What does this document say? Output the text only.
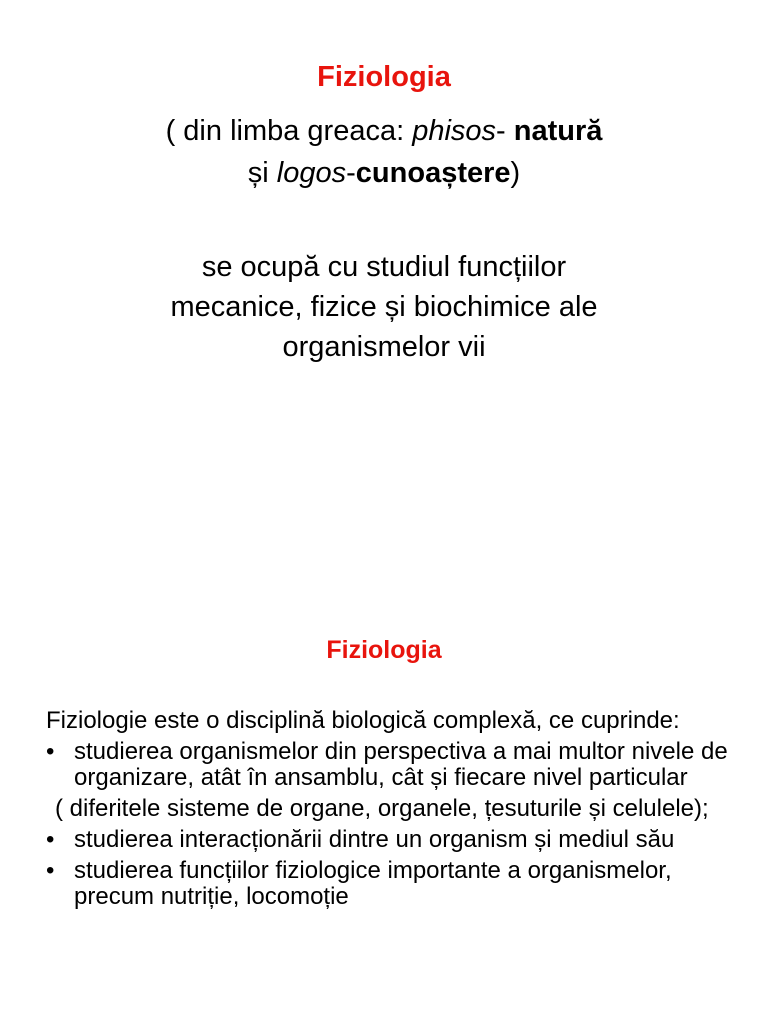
Fiziologia
( din limba greaca: phisos- natură
și logos-cunoaștere)
se ocupă cu studiul funcțiilor
mecanice, fizice și biochimice ale
organismelor vii
Fiziologia

Fiziologie este o disciplină biologică complexă, ce cuprinde:

• studierea organismelor din perspectiva a mai multor nivele de organizare, atât în ansamblu, cât și fiecare nivel particular

( diferitele sisteme de organe, organele, țesuturile și celulele);

• studierea interacționării dintre un organism și mediul său

• studierea funcțiilor fiziologice importante a organismelor, precum nutriție, locomoție
